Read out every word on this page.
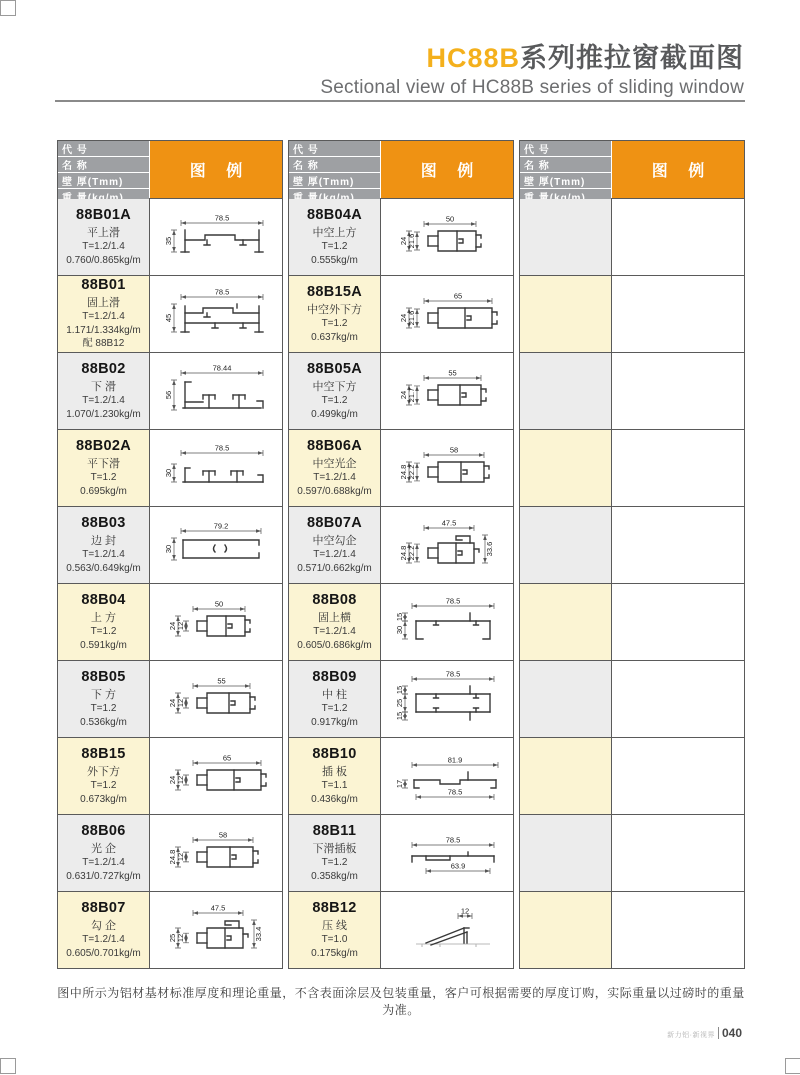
HC88B系列推拉窗截面图
Sectional view of HC88B series of sliding window
代 号
名 称
壁 厚(Tmm)
图 例
88B01A
平上滑
T=1.2/1.4
0.760/0.865kg/m
78.5
35
88B01
固上滑
T=1.2/1.4
1.171/1.334kg/m
配 88B12
78.5
45
88B02
下 滑
T=1.2/1.4
1.070/1.230kg/m
78.44
56
88B02A
平下滑
T=1.2
0.695kg/m
78.5
30
88B03
边 封
T=1.2/1.4
0.563/0.649kg/m
79.2
30
88B04
上 方
T=1.2
0.591kg/m
50
24 12
88B05
下 方
T=1.2
0.536kg/m
55
24 12
88B15
外下方
T=1.2
0.673kg/m
65
24 12
88B06
光 企
T=1.2/1.4
0.631/0.727kg/m
58
24.8 12
88B07
勾 企
T=1.2/1.4
0.605/0.701kg/m
47.5
25 12	33.4
代 号
名 称
壁 厚(Tmm)
图 例
88B04A
中空上方
T=1.2
0.555kg/m
50
24 21.6
88B15A
中空外下方
T=1.2
0.637kg/m
65
24 21.6
88B05A
中空下方
T=1.2
0.499kg/m
55
24 21.7
88B06A
中空光企
T=1.2/1.4
0.597/0.688kg/m
58
24.8 22.2
88B07A
中空勾企
T=1.2/1.4
0.571/0.662kg/m
47.5
24.8 22.2	33.6
88B08
固上横
T=1.2/1.4
0.605/0.686kg/m
78.5
15
30
88B09
中 柱
T=1.2
0.917kg/m
78.5
15
25
15
88B10
插 板
T=1.1
0.436kg/m
81.9
17
78.5
88B11
下滑插板
T=1.2
0.358kg/m
78.5
63.9
88B12
压 线
T=1.0
0.175kg/m
12
代 号
名 称
壁 厚(Tmm)
图 例
图中所示为铝材基材标准厚度和理论重量，不含表面涂层及包装重量，客户可根据需要的厚度订购，实际重量以过磅时的重量为准。
新力铝·新视界 040
